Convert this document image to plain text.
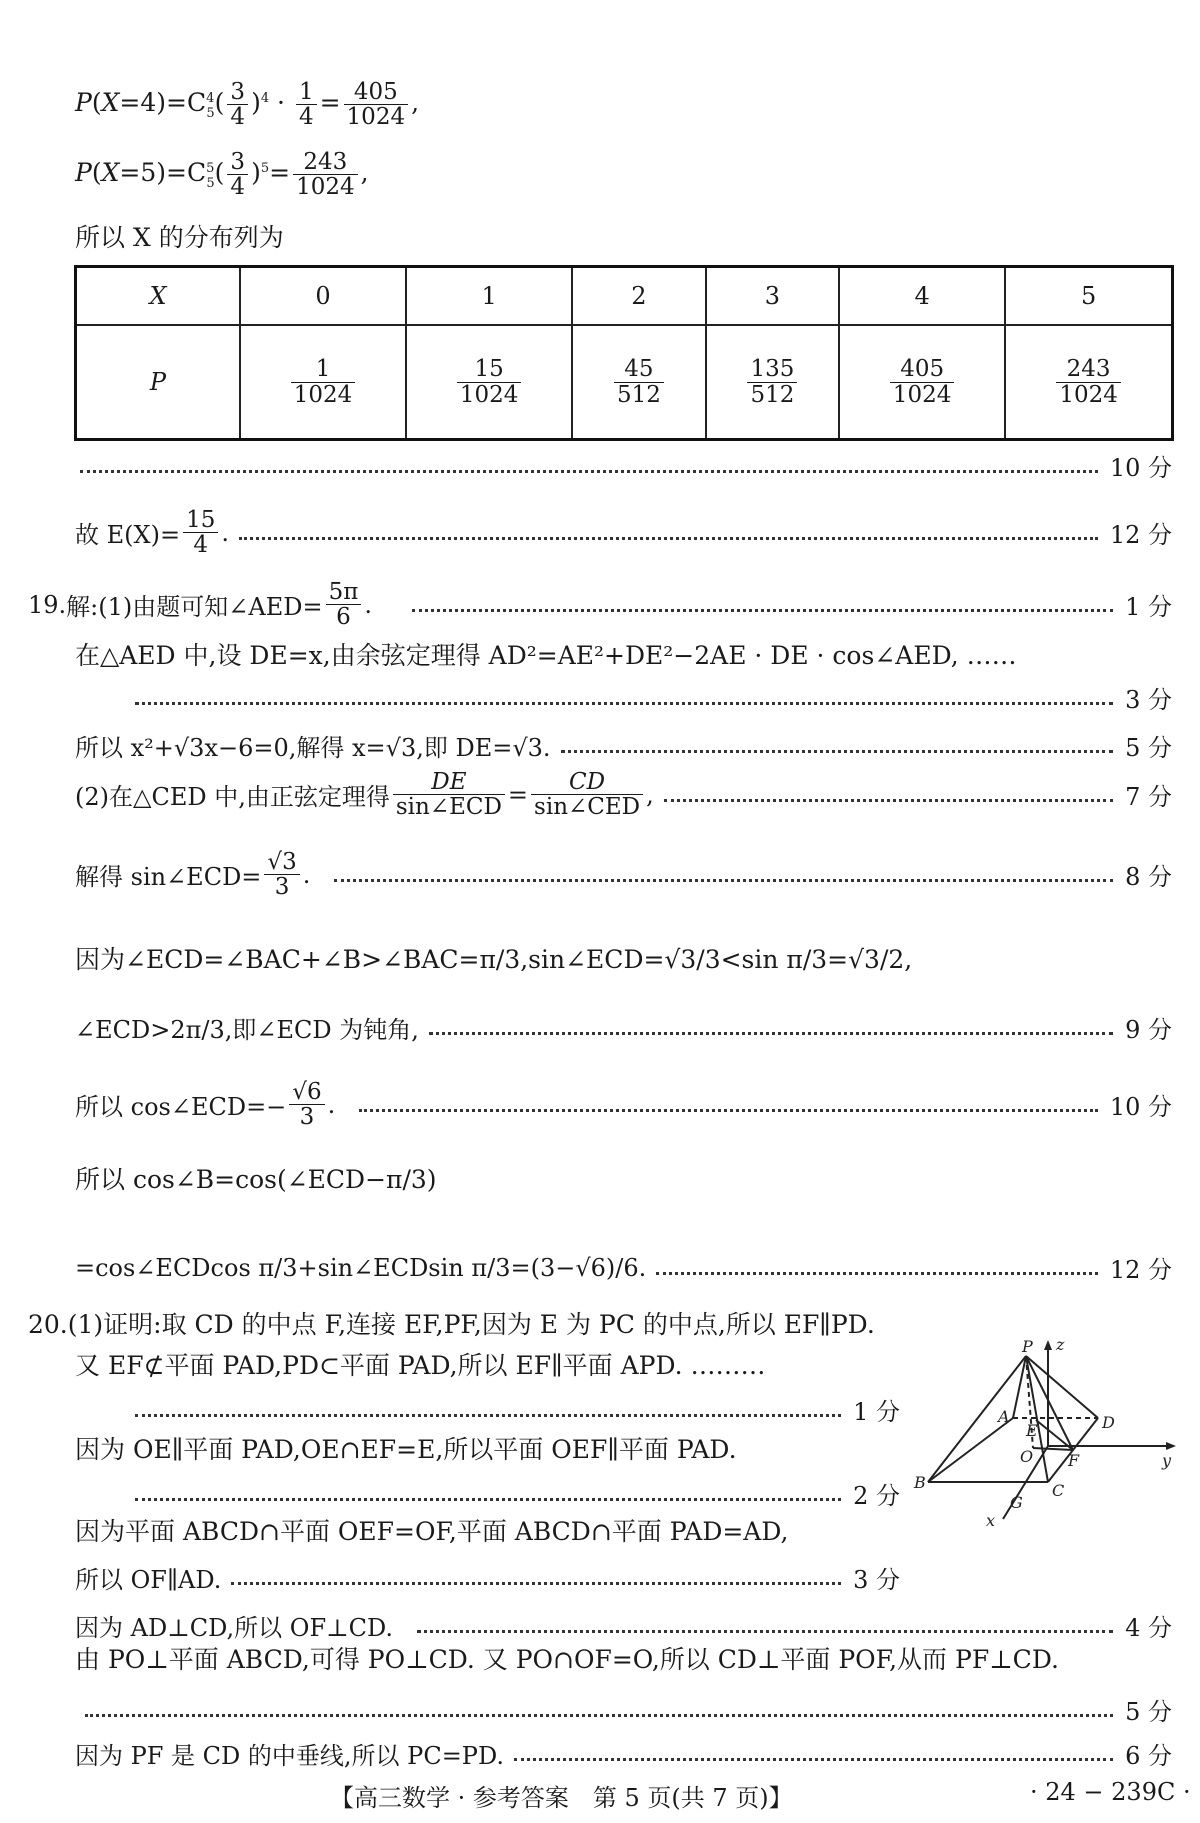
$P(X=4)=C^4_5( \frac{3}{4} )^4 \cdot \frac{1}{4} = \frac{405}{1024}$ ,
$P(X=5)=C^5_5( \frac{3}{4} )^5= \frac{243}{1024}$ ,
所以 X 的分布列为
X	0	1	2	3	4	5
P	$\frac{1}{1024}$	$\frac{15}{1024}$	$\frac{45}{512}$	$\frac{135}{512}$	$\frac{405}{1024}$	$\frac{243}{1024}$
10 分
故 $E(X)= \frac{15}{4}$ .	12 分
19. 解:(1)由题可知∠AED= $\frac{5\pi}{6}$ .	1 分
在△AED 中,设 DE=x,由余弦定理得 AD²=AE²+DE²−2AE · DE · cos∠AED, ……
3 分
所以 x²+√3x−6=0,解得 x=√3,即 DE=√3.	5 分
(2)在△CED 中,由正弦定理得 $\frac{DE}{\text{sin∠ECD}} = \frac{CD}{\text{sin∠CED}}$ ,	7 分
解得 sin∠ECD= $\frac{√3}{3}$ .	8 分
因为∠ECD=∠BAC+∠B>∠BAC=π/3,sin∠ECD=√3/3<sin π/3=√3/2,
∠ECD>2π/3,即∠ECD 为钝角,	9 分
所以 cos∠ECD=− $\frac{√6}{3}$ .	10 分
所以 cos∠B=cos(∠ECD−π/3)
=cos∠ECDcos π/3+sin∠ECDsin π/3=(3−√6)/6.	12 分
20.(1)证明:取 CD 的中点 F,连接 EF,PF,因为 E 为 PC 的中点,所以 EF∥PD.
又 EF⊄平面 PAD,PD⊂平面 PAD,所以 EF∥平面 APD. ………
1 分
因为 OE∥平面 PAD,OE∩EF=E,所以平面 OEF∥平面 PAD.
2 分
因为平面 ABCD∩平面 OEF=OF,平面 ABCD∩平面 PAD=AD,
所以 OF∥AD.	3 分
因为 AD⊥CD,所以 OF⊥CD.	4 分
由 PO⊥平面 ABCD,可得 PO⊥CD. 又 PO∩OF=O,所以 CD⊥平面 POF,从而 PF⊥CD.
5 分
因为 PF 是 CD 的中垂线,所以 PC=PD.	6 分
P
A	D
E
O F
B	C
G
x
y
z
【高三数学 · 参考答案　第 5 页(共 7 页)】	· 24 − 239C ·
